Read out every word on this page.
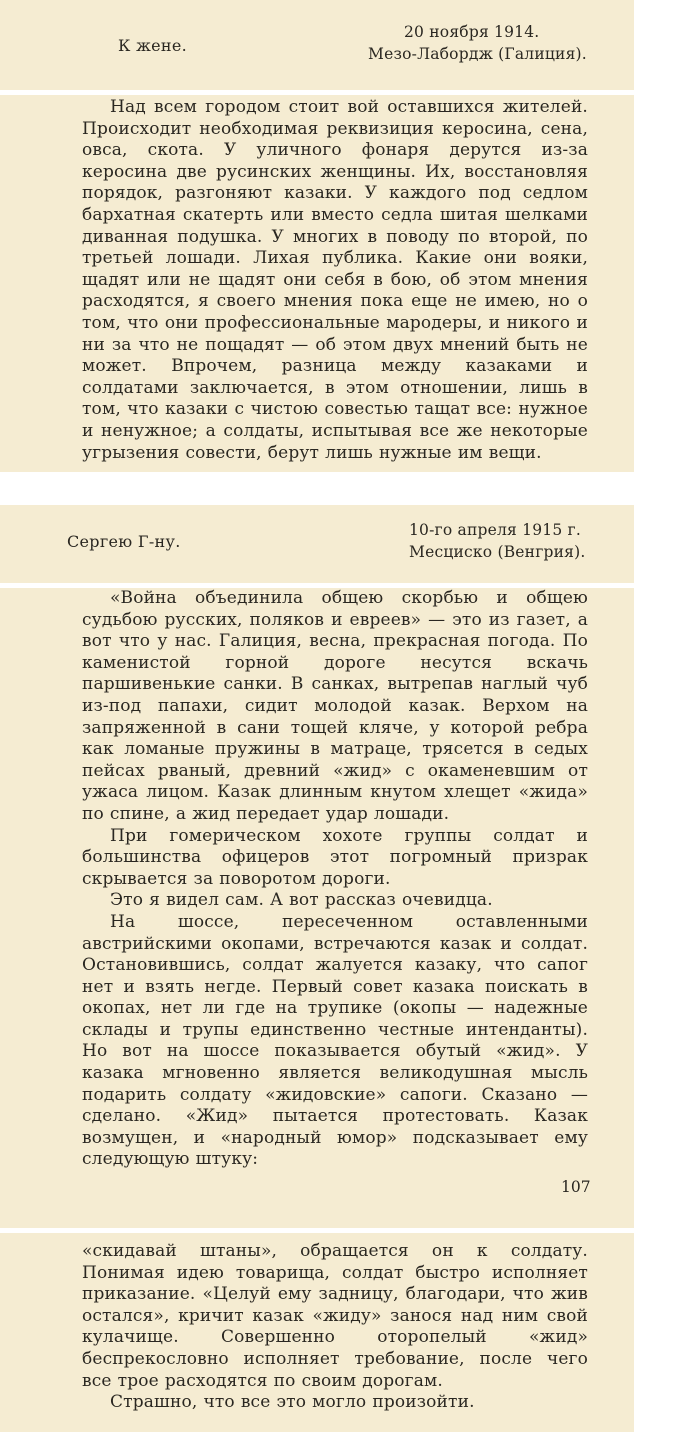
К жене.
20 ноября 1914.
Мезо-Лабордж (Галиция).

Над всем городом стоит вой оставшихся жителей. Происходит необходимая реквизиция керосина, сена, овса, скота. У уличного фонаря дерутся из-за керосина две русинских женщины. Их, восстановляя порядок, разгоняют казаки. У каждого под седлом бархатная скатерть или вместо седла шитая шелками диванная подушка. У многих в поводу по второй, по третьей лошади. Лихая публика. Какие они вояки, щадят или не щадят они себя в бою, об этом мнения расходятся, я своего мнения пока еще не имею, но о том, что они профессиональные мародеры, и никого и ни за что не пощадят — об этом двух мнений быть не может. Впрочем, разница между казаками и солдатами заключается, в этом отношении, лишь в том, что казаки с чистою совестью тащат все: нужное и ненужное; а солдаты, испытывая все же некоторые угрызения совести, берут лишь нужные им вещи.

Сергею Г-ну.
10-го апреля 1915 г.
Месциско (Венгрия).

«Война объединила общею скорбью и общею судьбою русских, поляков и евреев» — это из газет, а вот что у нас. Галиция, весна, прекрасная погода. По каменистой горной дороге несутся вскачь паршивенькие санки. В санках, вытрепав наглый чуб из-под папахи, сидит молодой казак. Верхом на запряженной в сани тощей кляче, у которой ребра как ломаные пружины в матраце, трясется в седых пейсах рваный, древний «жид» с окаменевшим от ужаса лицом. Казак длинным кнутом хлещет «жида» по спине, а жид передает удар лошади.

При гомерическом хохоте группы солдат и большинства офицеров этот погромный призрак скрывается за поворотом дороги.

Это я видел сам. А вот рассказ очевидца.

На шоссе, пересеченном оставленными австрийскими окопами, встречаются казак и солдат. Остановившись, солдат жалуется казаку, что сапог нет и взять негде. Первый совет казака поискать в окопах, нет ли где на трупике (окопы — надежные склады и трупы единственно честные интенданты). Но вот на шоссе показывается обутый «жид». У казака мгновенно является великодушная мысль подарить солдату «жидовские» сапоги. Сказано — сделано. «Жид» пытается протестовать. Казак возмущен, и «народный юмор» подсказывает ему следующую штуку:

107

«скидавай штаны», обращается он к солдату. Понимая идею товарища, солдат быстро исполняет приказание. «Целуй ему задницу, благодари, что жив остался», кричит казак «жиду» занося над ним свой кулачище. Совершенно оторопелый «жид» беспрекословно исполняет требование, после чего все трое расходятся по своим дорогам.

Страшно, что все это могло произойти.
